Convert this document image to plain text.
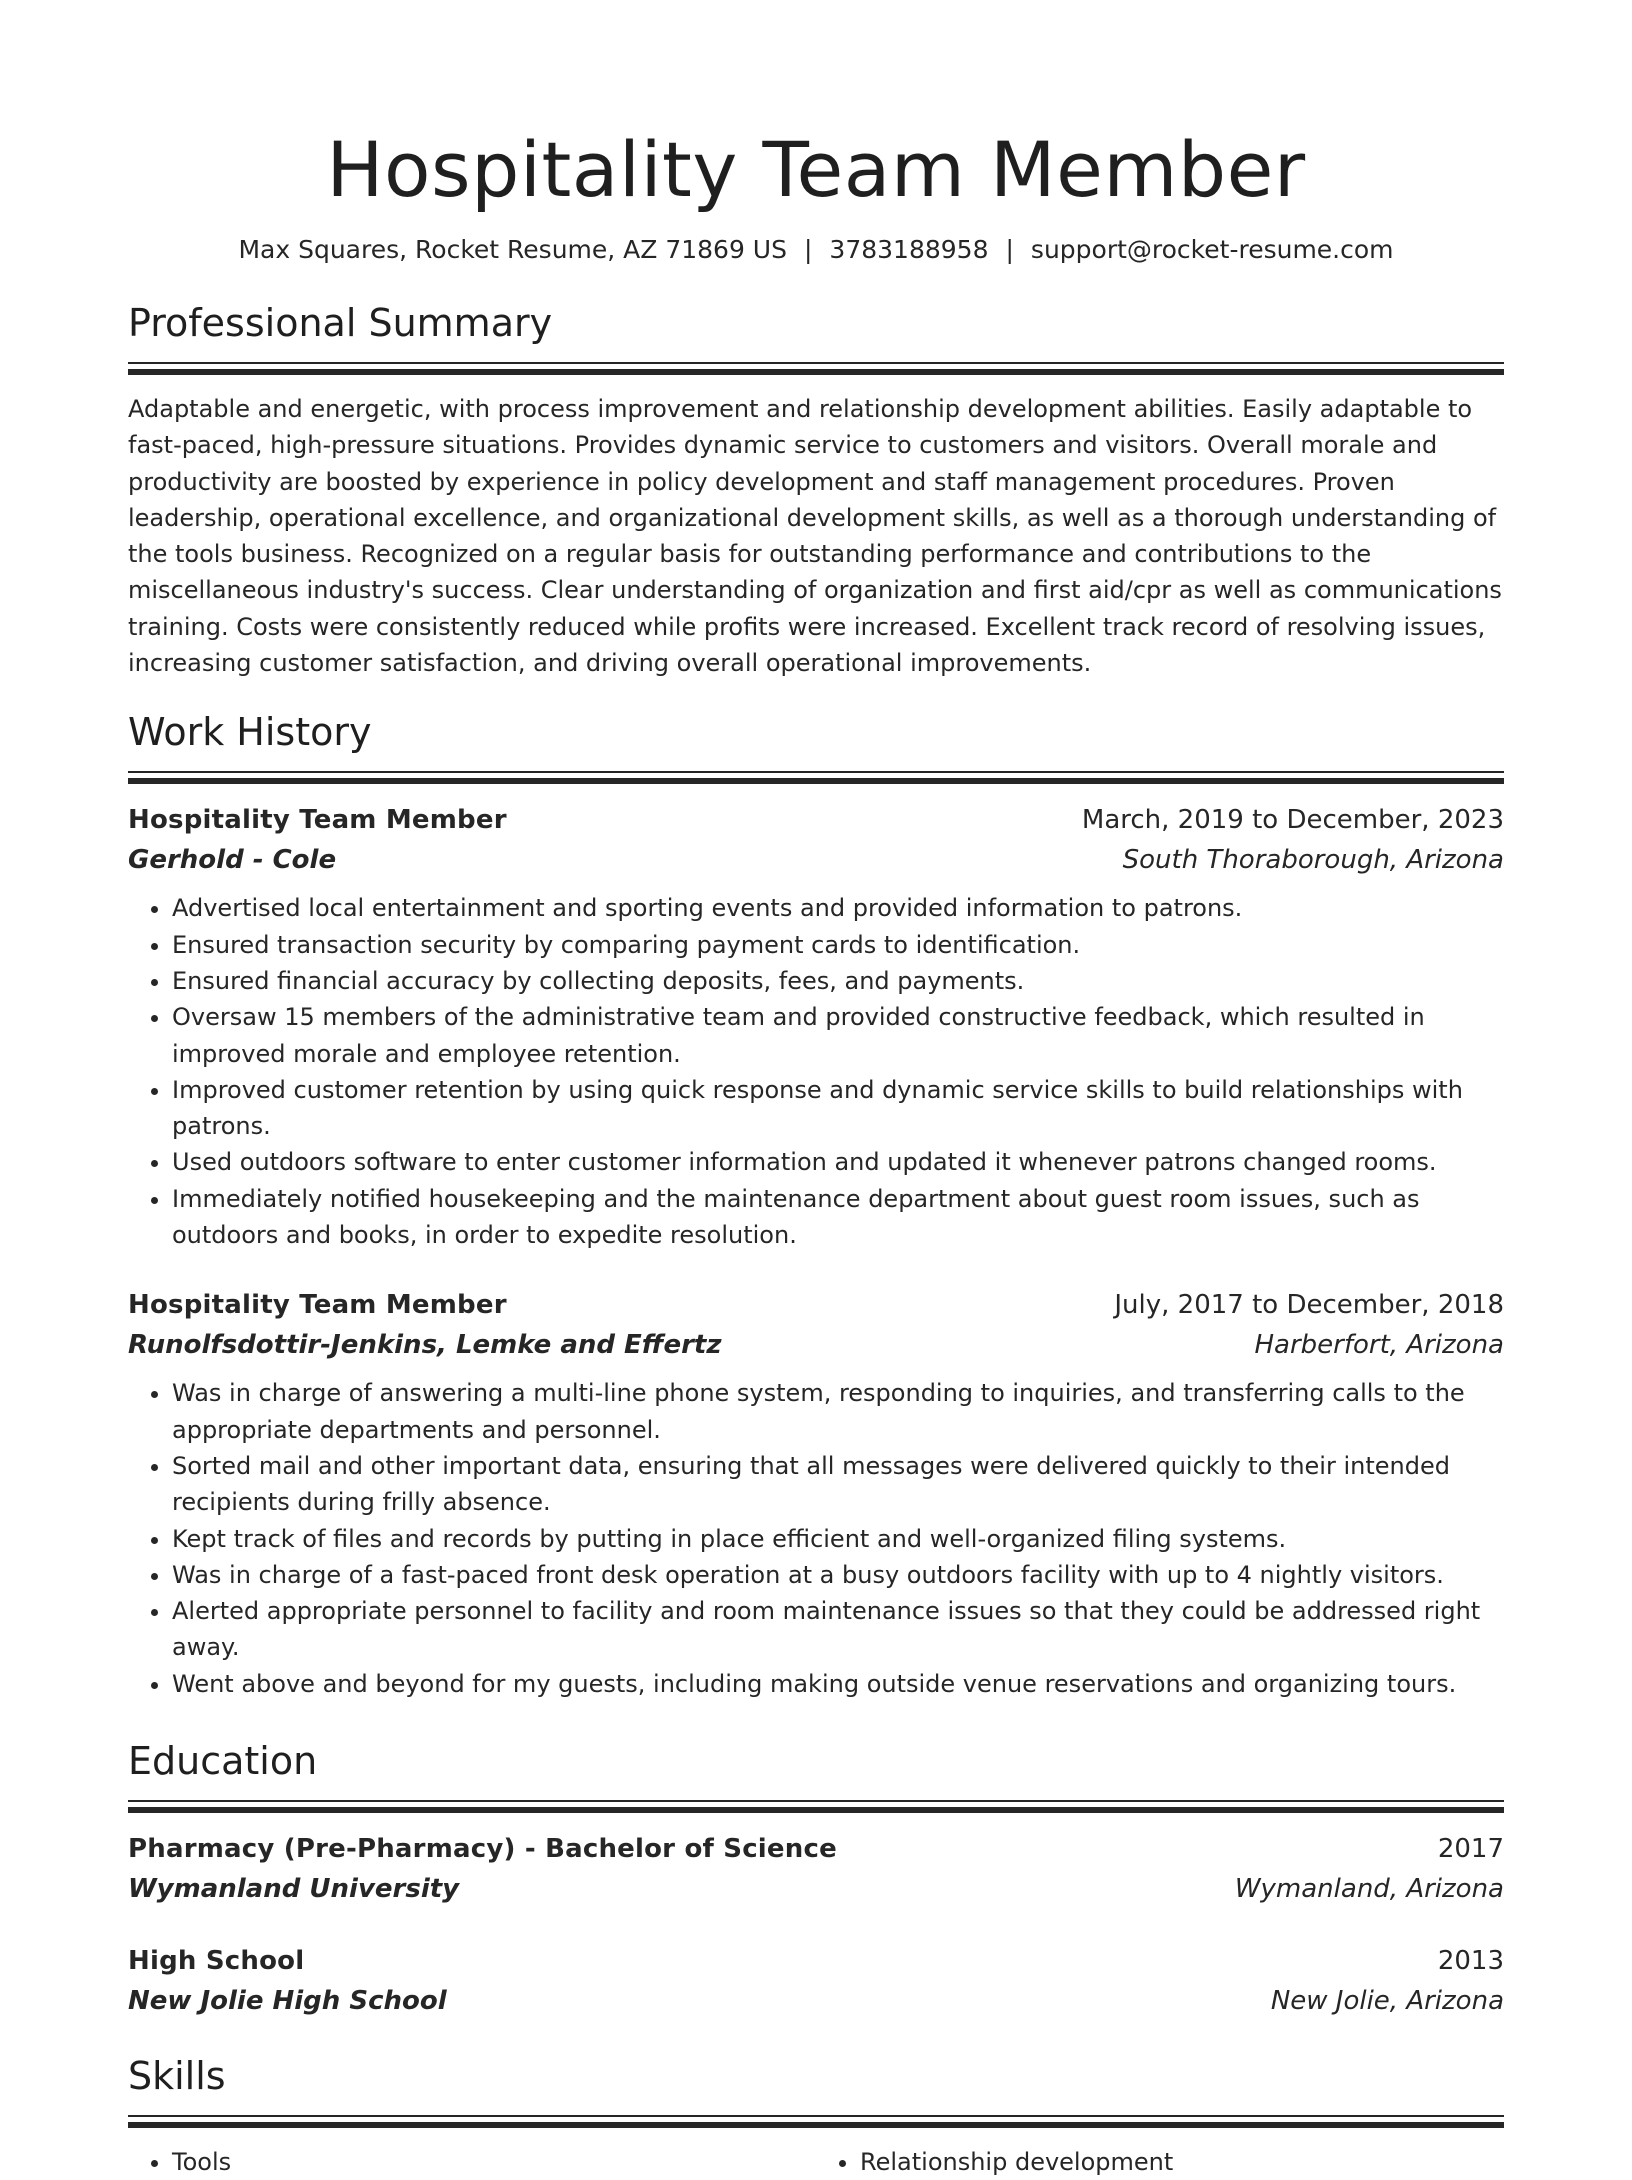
Hospitality Team Member
Max Squares, Rocket Resume, AZ 71869 US | 3783188958 | support@rocket-resume.com
Professional Summary
Adaptable and energetic, with process improvement and relationship development abilities. Easily adaptable to fast-paced, high-pressure situations. Provides dynamic service to customers and visitors. Overall morale and productivity are boosted by experience in policy development and staff management procedures. Proven leadership, operational excellence, and organizational development skills, as well as a thorough understanding of the tools business. Recognized on a regular basis for outstanding performance and contributions to the miscellaneous industry's success. Clear understanding of organization and first aid/cpr as well as communications training. Costs were consistently reduced while profits were increased. Excellent track record of resolving issues, increasing customer satisfaction, and driving overall operational improvements.
Work History
Hospitality Team Member	March, 2019 to December, 2023
Gerhold - Cole	South Thoraborough, Arizona
• Advertised local entertainment and sporting events and provided information to patrons.
• Ensured transaction security by comparing payment cards to identification.
• Ensured financial accuracy by collecting deposits, fees, and payments.
• Oversaw 15 members of the administrative team and provided constructive feedback, which resulted in improved morale and employee retention.
• Improved customer retention by using quick response and dynamic service skills to build relationships with patrons.
• Used outdoors software to enter customer information and updated it whenever patrons changed rooms.
• Immediately notified housekeeping and the maintenance department about guest room issues, such as outdoors and books, in order to expedite resolution.
Hospitality Team Member	July, 2017 to December, 2018
Runolfsdottir-Jenkins, Lemke and Effertz	Harberfort, Arizona
• Was in charge of answering a multi-line phone system, responding to inquiries, and transferring calls to the appropriate departments and personnel.
• Sorted mail and other important data, ensuring that all messages were delivered quickly to their intended recipients during frilly absence.
• Kept track of files and records by putting in place efficient and well-organized filing systems.
• Was in charge of a fast-paced front desk operation at a busy outdoors facility with up to 4 nightly visitors.
• Alerted appropriate personnel to facility and room maintenance issues so that they could be addressed right away.
• Went above and beyond for my guests, including making outside venue reservations and organizing tours.
Education
Pharmacy (Pre-Pharmacy) - Bachelor of Science	2017
Wymanland University	Wymanland, Arizona
High School	2013
New Jolie High School	New Jolie, Arizona
Skills
• Tools
•	Relationship development
